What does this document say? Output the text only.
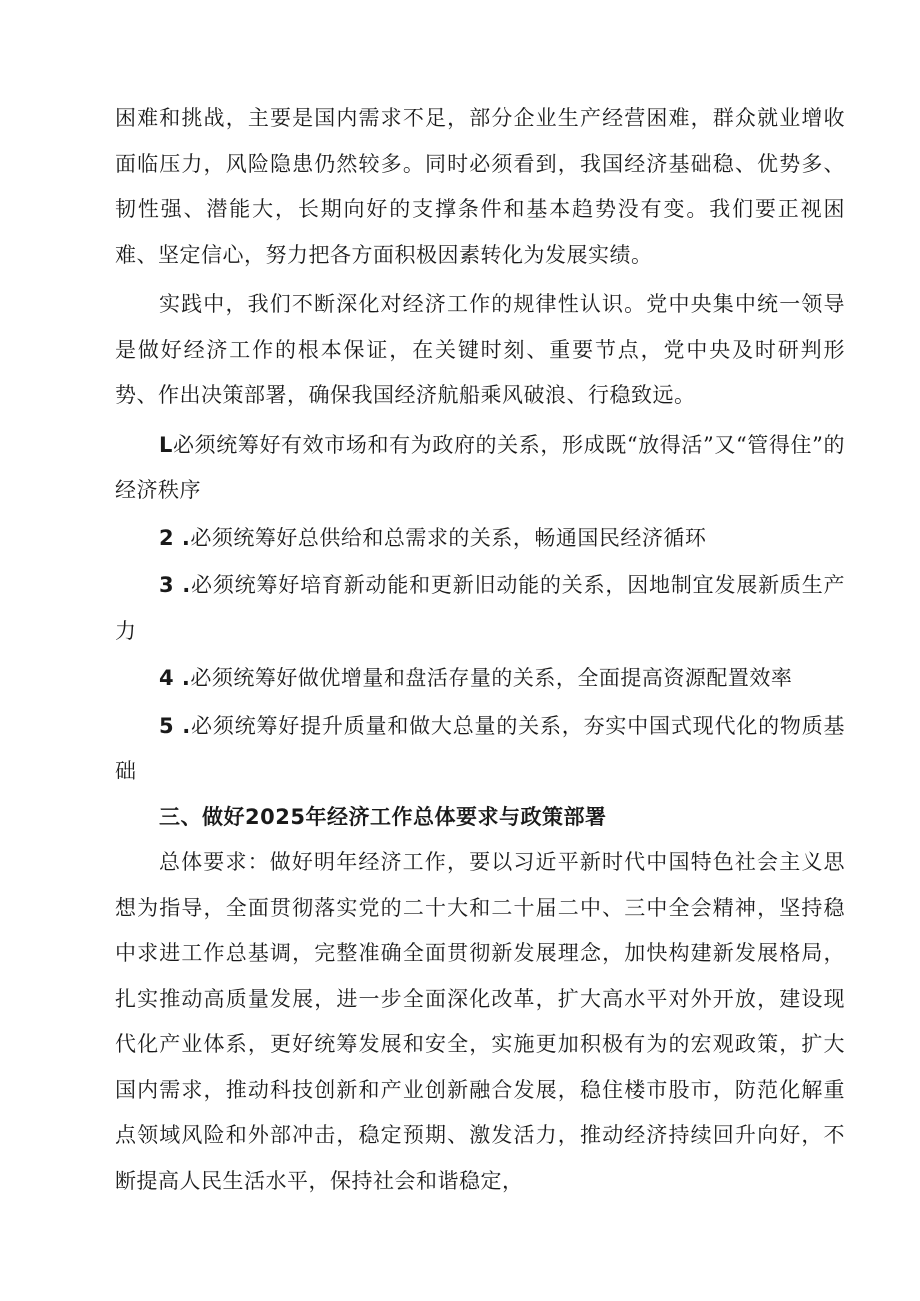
困难和挑战，主要是国内需求不足，部分企业生产经营困难，群众就业增收面临压力，风险隐患仍然较多。同时必须看到，我国经济基础稳、优势多、韧性强、潜能大，长期向好的支撑条件和基本趋势没有变。我们要正视困难、坚定信心，努力把各方面积极因素转化为发展实绩。

实践中，我们不断深化对经济工作的规律性认识。党中央集中统一领导是做好经济工作的根本保证，在关键时刻、重要节点，党中央及时研判形势、作出决策部署，确保我国经济航船乘风破浪、行稳致远。

L必须统筹好有效市场和有为政府的关系，形成既“放得活”又“管得住”的经济秩序

2 .必须统筹好总供给和总需求的关系，畅通国民经济循环

3 .必须统筹好培育新动能和更新旧动能的关系，因地制宜发展新质生产力

4 .必须统筹好做优增量和盘活存量的关系，全面提高资源配置效率

5 .必须统筹好提升质量和做大总量的关系，夯实中国式现代化的物质基础

三、做好2025年经济工作总体要求与政策部署

总体要求：做好明年经济工作，要以习近平新时代中国特色社会主义思想为指导，全面贯彻落实党的二十大和二十届二中、三中全会精神，坚持稳中求进工作总基调，完整准确全面贯彻新发展理念，加快构建新发展格局，扎实推动高质量发展，进一步全面深化改革，扩大高水平对外开放，建设现代化产业体系，更好统筹发展和安全，实施更加积极有为的宏观政策，扩大国内需求，推动科技创新和产业创新融合发展，稳住楼市股市，防范化解重点领域风险和外部冲击，稳定预期、激发活力，推动经济持续回升向好，不断提高人民生活水平，保持社会和谐稳定，
